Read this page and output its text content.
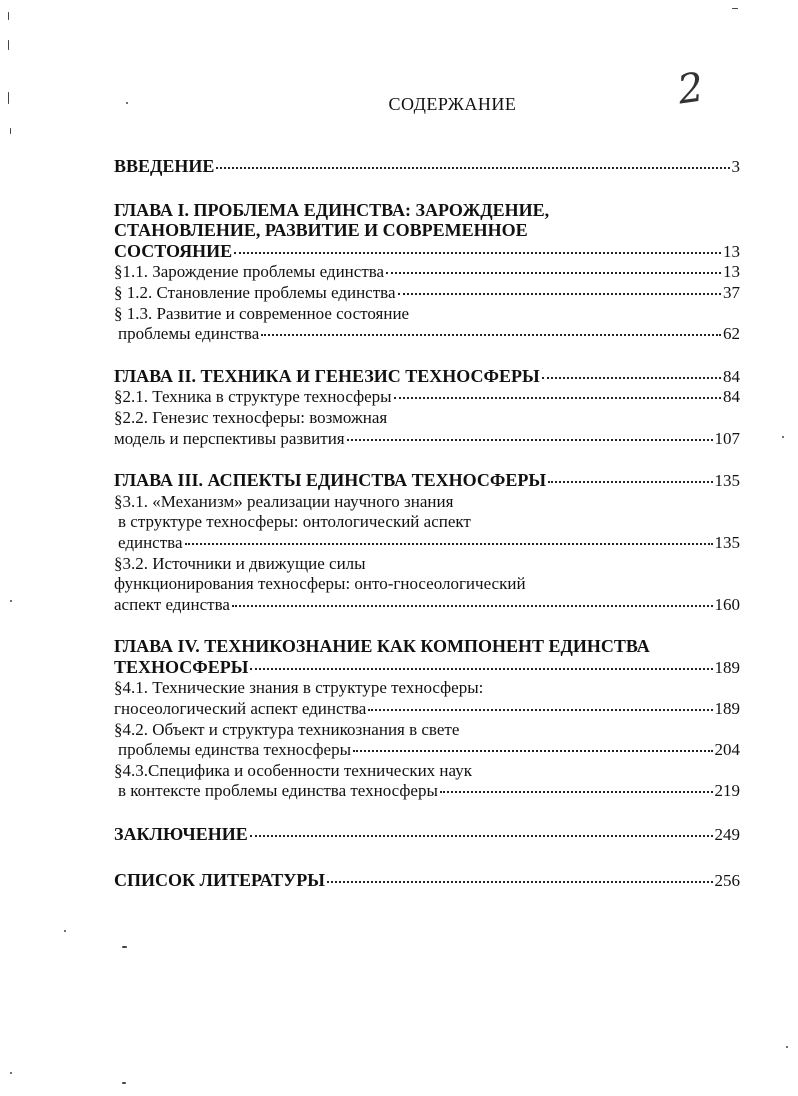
2
СОДЕРЖАНИЕ
ВВЕДЕНИЕ	3
ГЛАВА I. ПРОБЛЕМА ЕДИНСТВА: ЗАРОЖДЕНИЕ,
СТАНОВЛЕНИЕ, РАЗВИТИЕ И СОВРЕМЕННОЕ
СОСТОЯНИЕ	13
§1.1. Зарождение проблемы единства	13
§ 1.2. Становление проблемы единства	37
§ 1.3. Развитие и современное состояние
проблемы единства	62
ГЛАВА II. ТЕХНИКА И ГЕНЕЗИС ТЕХНОСФЕРЫ	84
§2.1. Техника в структуре техносферы	84
§2.2. Генезис техносферы: возможная
модель и перспективы развития	107
ГЛАВА III. АСПЕКТЫ ЕДИНСТВА ТЕХНОСФЕРЫ	135
§3.1. «Механизм» реализации научного знания
в структуре техносферы: онтологический аспект
единства	135
§3.2. Источники и движущие силы
функционирования техносферы: онто-гносеологический
аспект единства	160
ГЛАВА IV. ТЕХНИКОЗНАНИЕ КАК КОМПОНЕНТ ЕДИНСТВА
ТЕХНОСФЕРЫ	189
§4.1. Технические знания в структуре техносферы:
гносеологический аспект единства	189
§4.2. Объект и структура техникознания в свете
проблемы единства техносферы	204
§4.3.Специфика и особенности технических наук
в контексте проблемы единства техносферы	219
ЗАКЛЮЧЕНИЕ	249
СПИСОК ЛИТЕРАТУРЫ	256
